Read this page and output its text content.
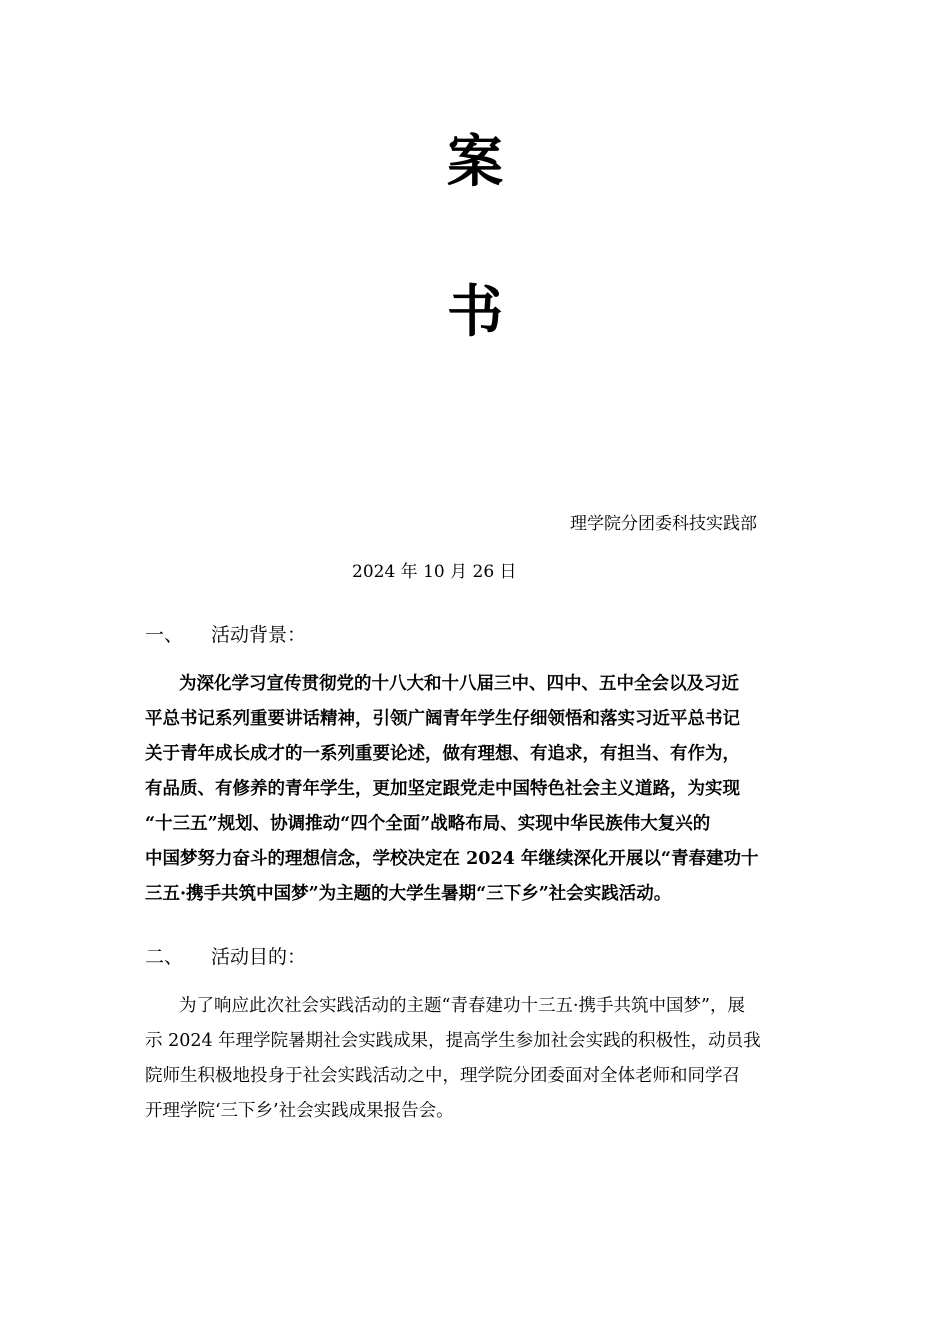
案
书
理学院分团委科技实践部
2024 年 10 月 26 日
一、 活动背景：
为深化学习宣传贯彻党的十八大和十八届三中、四中、五中全会以及习近
平总书记系列重要讲话精神，引领广阔青年学生仔细领悟和落实习近平总书记
关于青年成长成才的一系列重要论述，做有理想、有追求，有担当、有作为，
有品质、有修养的青年学生，更加坚定跟党走中国特色社会主义道路，为实现
“十三五”规划、协调推动“四个全面”战略布局、实现中华民族伟大复兴的
中国梦努力奋斗的理想信念，学校决定在 2024 年继续深化开展以“青春建功十
三五·携手共筑中国梦”为主题的大学生暑期“三下乡”社会实践活动。
二、 活动目的：
为了响应此次社会实践活动的主题“青春建功十三五·携手共筑中国梦”，展
示 2024 年理学院暑期社会实践成果，提高学生参加社会实践的积极性，动员我
院师生积极地投身于社会实践活动之中，理学院分团委面对全体老师和同学召
开理学院‘三下乡’社会实践成果报告会。
